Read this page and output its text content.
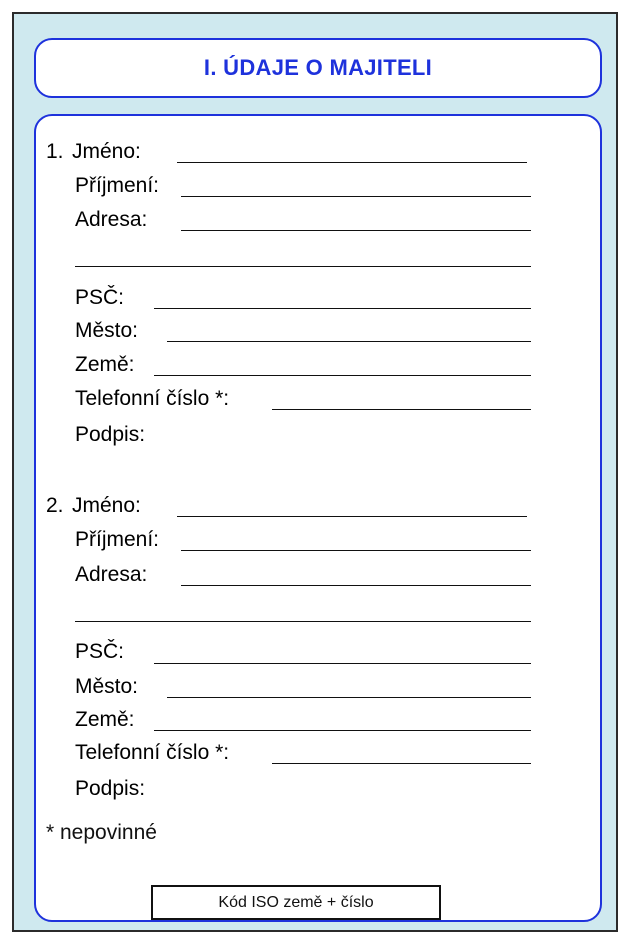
I. ÚDAJE O MAJITELI
1. Jméno:
Příjmení:
Adresa:
PSČ:
Město:
Země:
Telefonní číslo *:
Podpis:
2. Jméno:
Příjmení:
Adresa:
PSČ:
Město:
Země:
Telefonní číslo *:
Podpis:
* nepovinné
Kód ISO země + číslo
